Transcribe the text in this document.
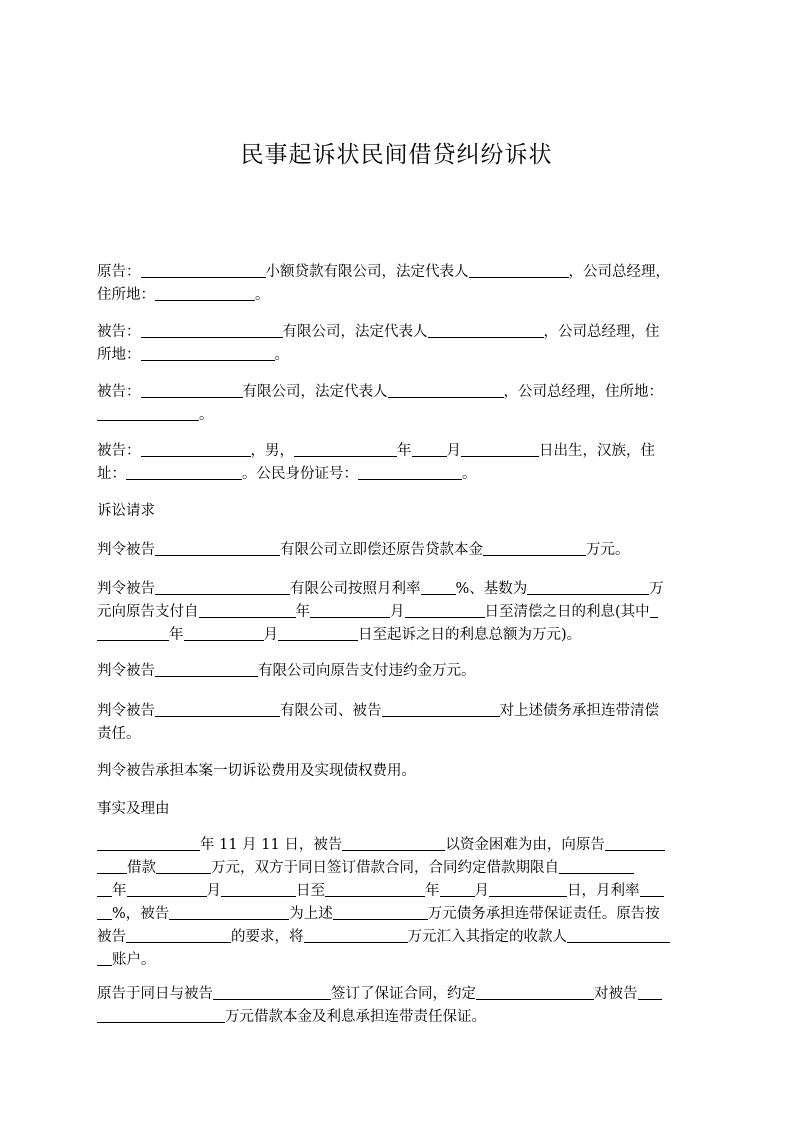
民事起诉状民间借贷纠纷诉状
原告：	小额贷款有限公司，法定代表人	，公司总经理，
住所地：	。
被告：	有限公司，法定代表人	，公司总经理，住
所地：	。
被告：	有限公司，法定代表人	，公司总经理，住所地：
。
被告：	，男，	年 月	日出生，汉族，住
址：	。公民身份证号：	。
诉讼请求
判令被告	有限公司立即偿还原告贷款本金	万元。
判令被告	有限公司按照月利率 %、基数为	万
元向原告支付自	年	月	日至清偿之日的利息(其中
年	月	日至起诉之日的利息总额为万元)。
判令被告	有限公司向原告支付违约金万元。
判令被告	有限公司、被告	对上述债务承担连带清偿
责任。
判令被告承担本案一切诉讼费用及实现债权费用。
事实及理由
年 11 月 11 日，被告	以资金困难为由，向原告
借款	万元，双方于同日签订借款合同，合同约定借款期限自
年	月	日至	年 月	日，月利率
%，被告	为上述	万元债务承担连带保证责任。原告按
被告	的要求，将	万元汇入其指定的收款人
账户。
原告于同日与被告	签订了保证合同，约定	对被告
万元借款本金及利息承担连带责任保证。
